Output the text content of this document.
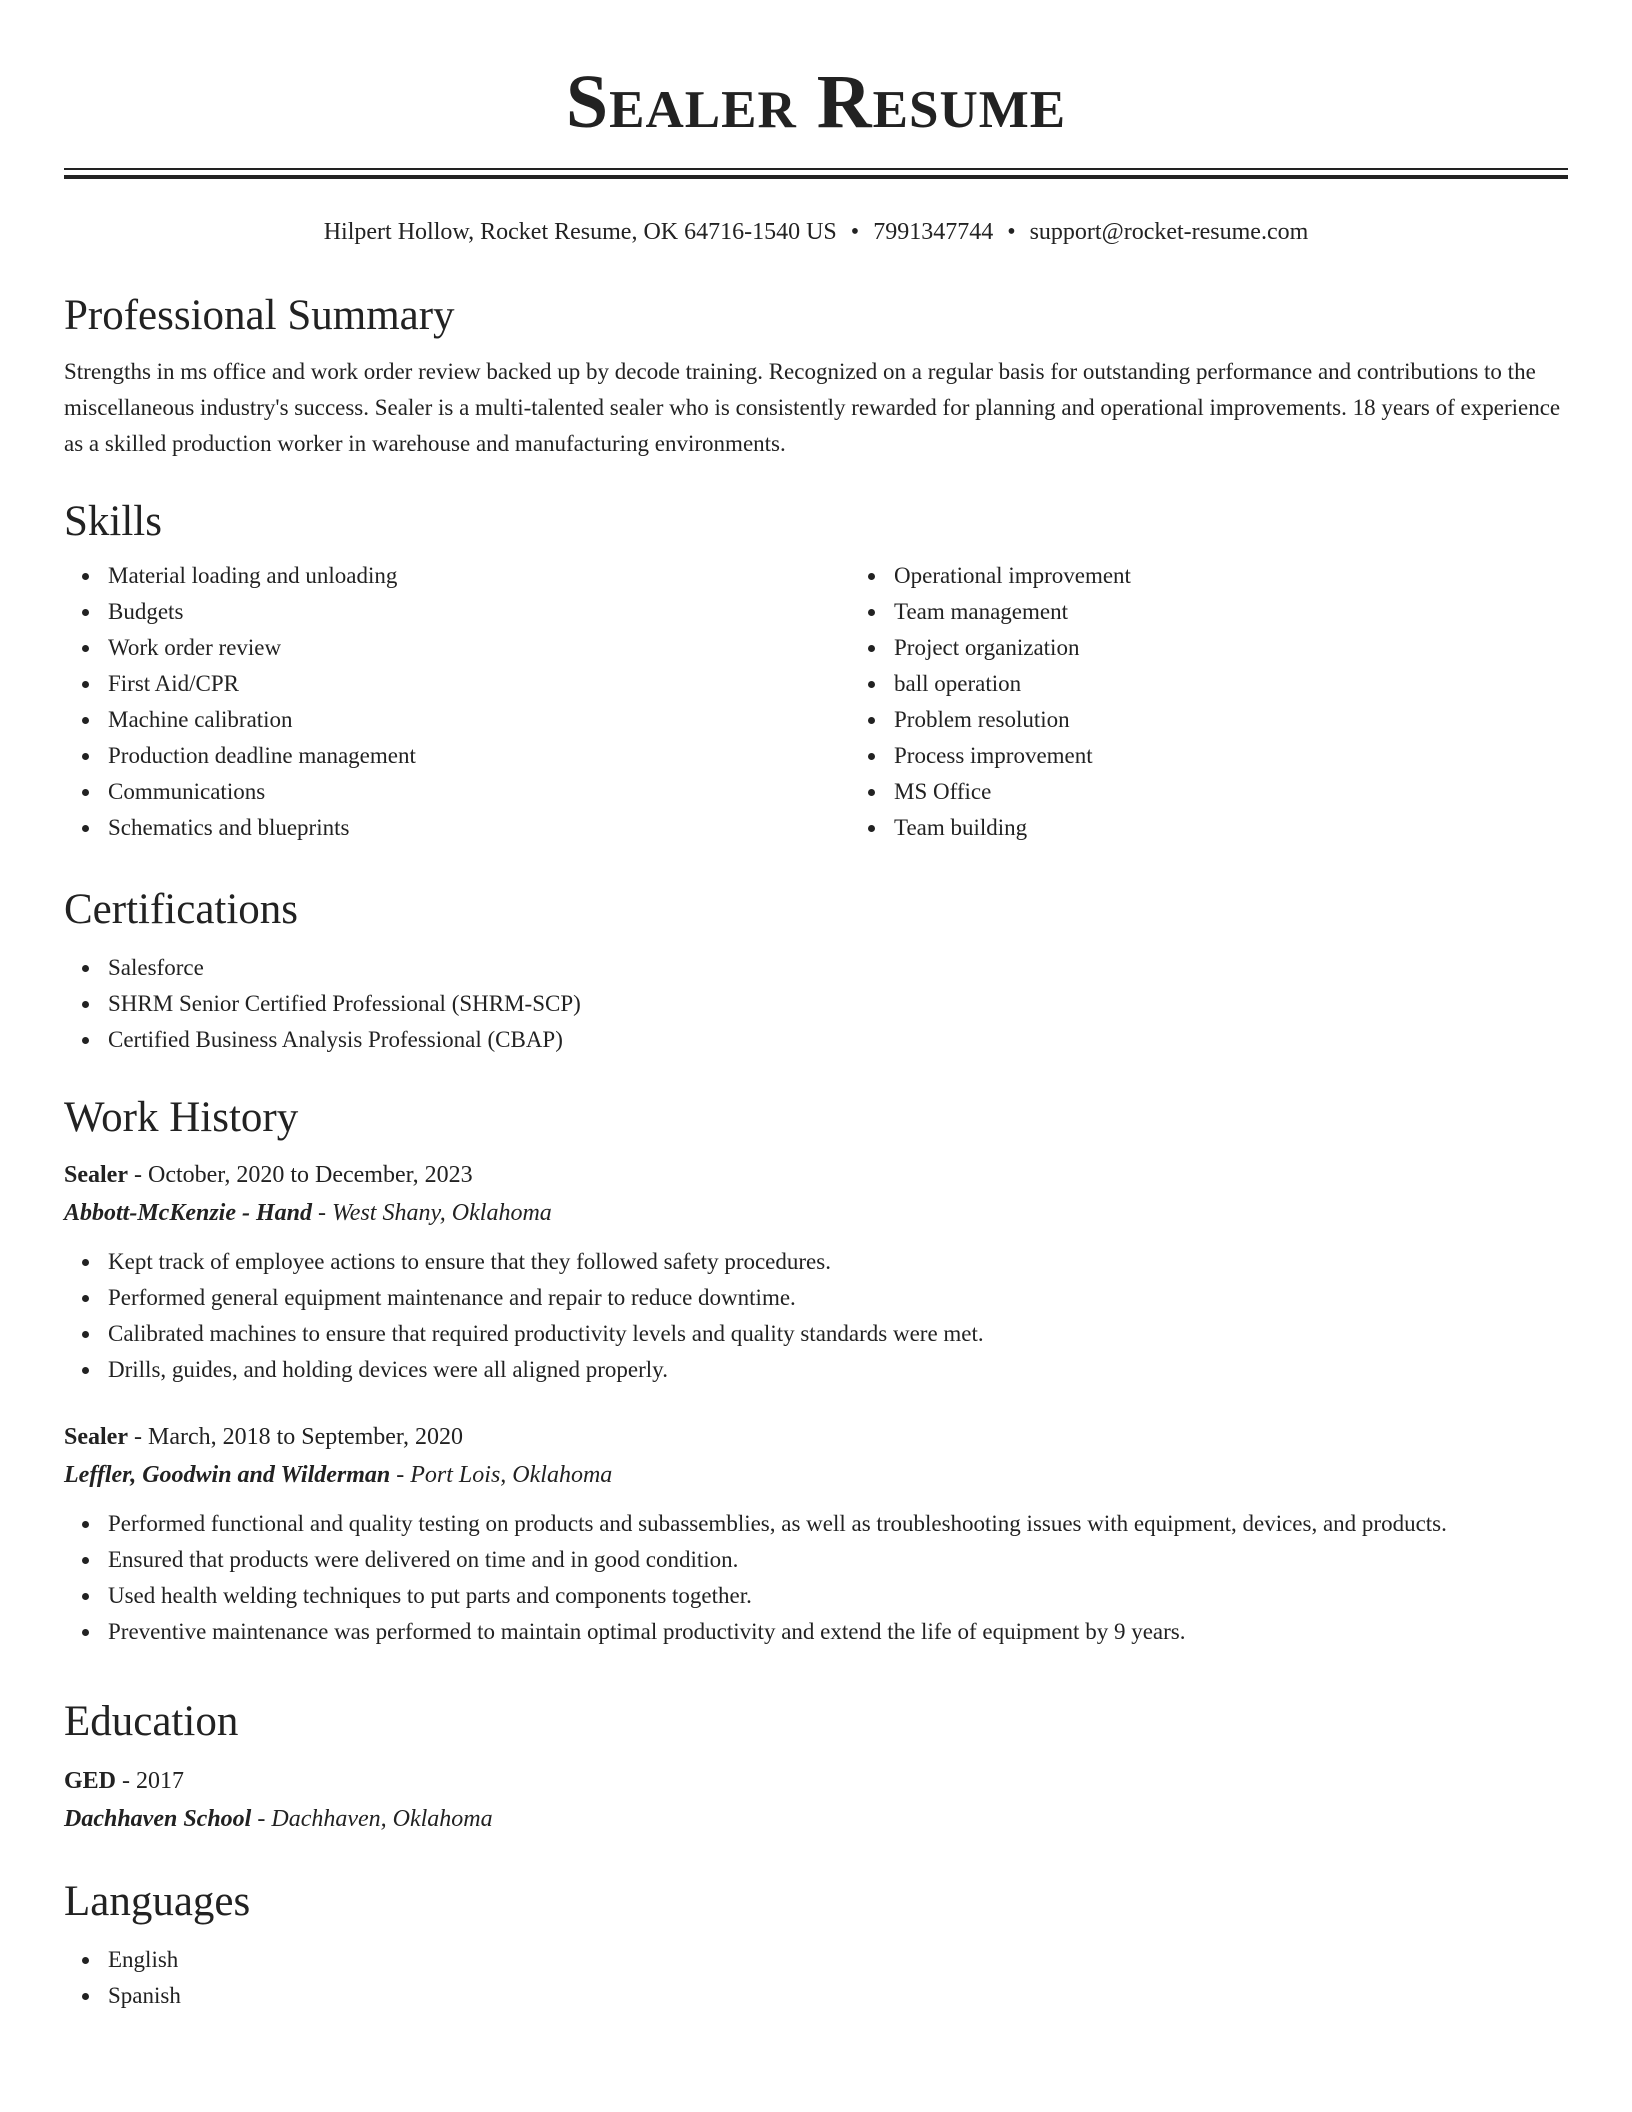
Sealer Resume
Hilpert Hollow, Rocket Resume, OK 64716-1540 US • 7991347744 • support@rocket-resume.com
Professional Summary

Strengths in ms office and work order review backed up by decode training. Recognized on a regular basis for outstanding performance and contributions to the miscellaneous industry's success. Sealer is a multi-talented sealer who is consistently rewarded for planning and operational improvements. 18 years of experience as a skilled production worker in warehouse and manufacturing environments.

Skills
Material loading and unloading
Budgets
Work order review
First Aid/CPR
Machine calibration
Production deadline management
Communications
Schematics and blueprints
Operational improvement
Team management
Project organization
ball operation
Problem resolution
Process improvement
MS Office
Team building
Certifications
Salesforce
SHRM Senior Certified Professional (SHRM-SCP)
Certified Business Analysis Professional (CBAP)
Work History
Sealer - October, 2020 to December, 2023
Abbott-McKenzie - Hand - West Shany, Oklahoma
Kept track of employee actions to ensure that they followed safety procedures.
Performed general equipment maintenance and repair to reduce downtime.
Calibrated machines to ensure that required productivity levels and quality standards were met.
Drills, guides, and holding devices were all aligned properly.
Sealer - March, 2018 to September, 2020
Leffler, Goodwin and Wilderman - Port Lois, Oklahoma
Performed functional and quality testing on products and subassemblies, as well as troubleshooting issues with equipment, devices, and products.
Ensured that products were delivered on time and in good condition.
Used health welding techniques to put parts and components together.
Preventive maintenance was performed to maintain optimal productivity and extend the life of equipment by 9 years.
Education
GED - 2017
Dachhaven School - Dachhaven, Oklahoma
Languages
English
Spanish
